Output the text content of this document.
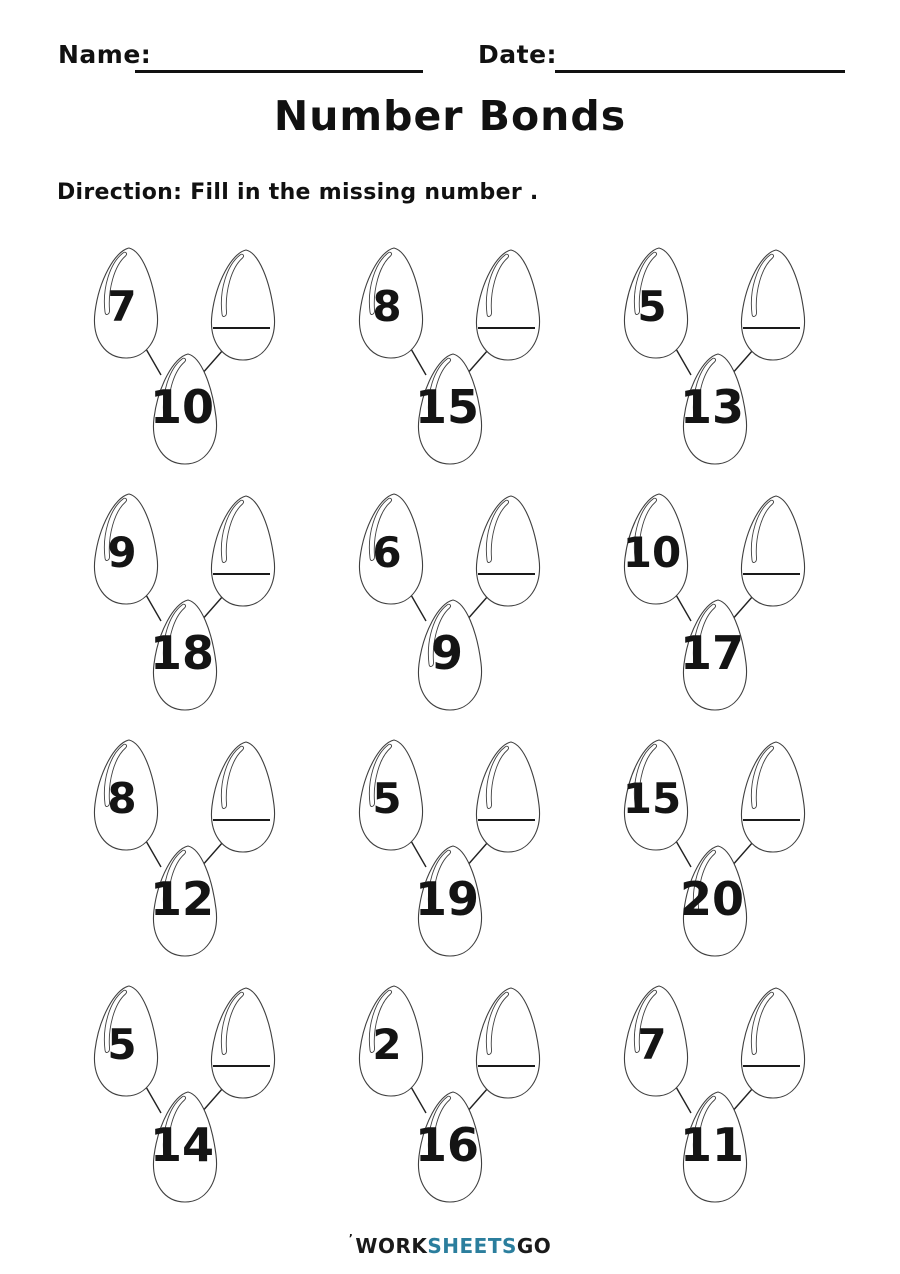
Name:	Date:
Number Bonds
Direction: Fill in the missing number .
7
10
8
15
5
13
9
18
6
9
10
17
8
12
5
19
15
20
5
14
2
16
7
11
’ WORKSHEETSGO
